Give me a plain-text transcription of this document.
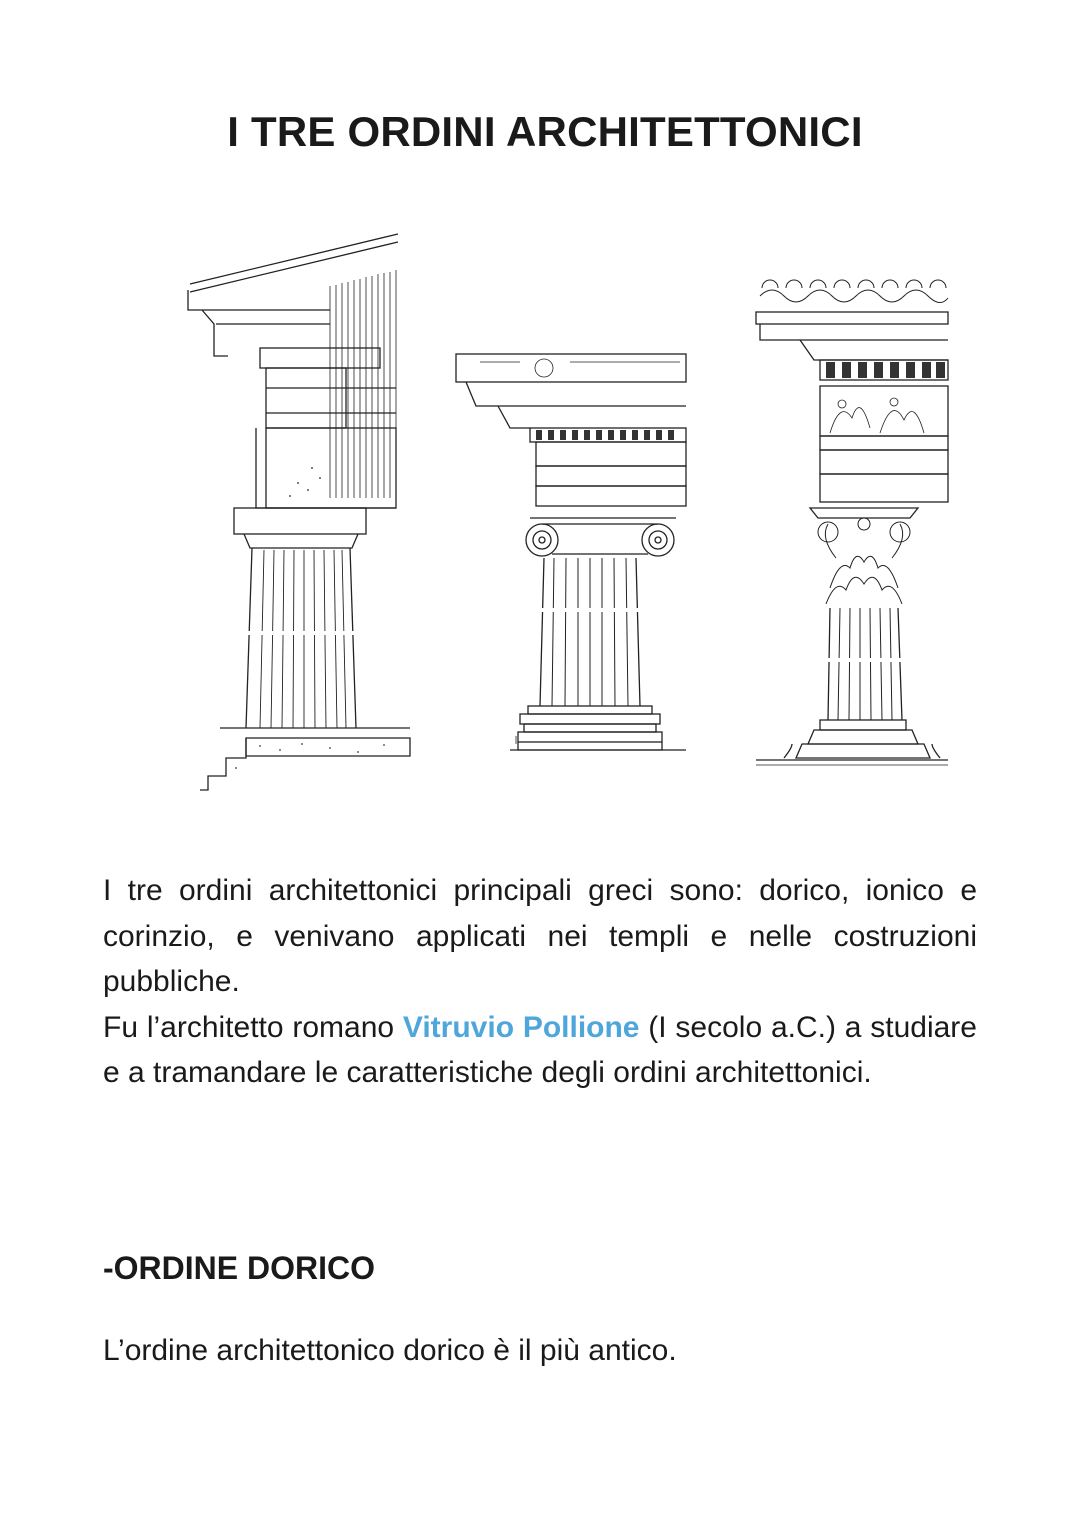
I TRE ORDINI ARCHITETTONICI
I tre ordini architettonici principali greci sono: dorico, ionico e corinzio, e venivano applicati nei templi e nelle costruzioni pubbliche.
Fu l’architetto romano Vitruvio Pollione (I secolo a.C.) a studiare e a tramandare le caratteristiche degli ordini architettonici.
-ORDINE DORICO

L’ordine architettonico dorico è il più antico.
